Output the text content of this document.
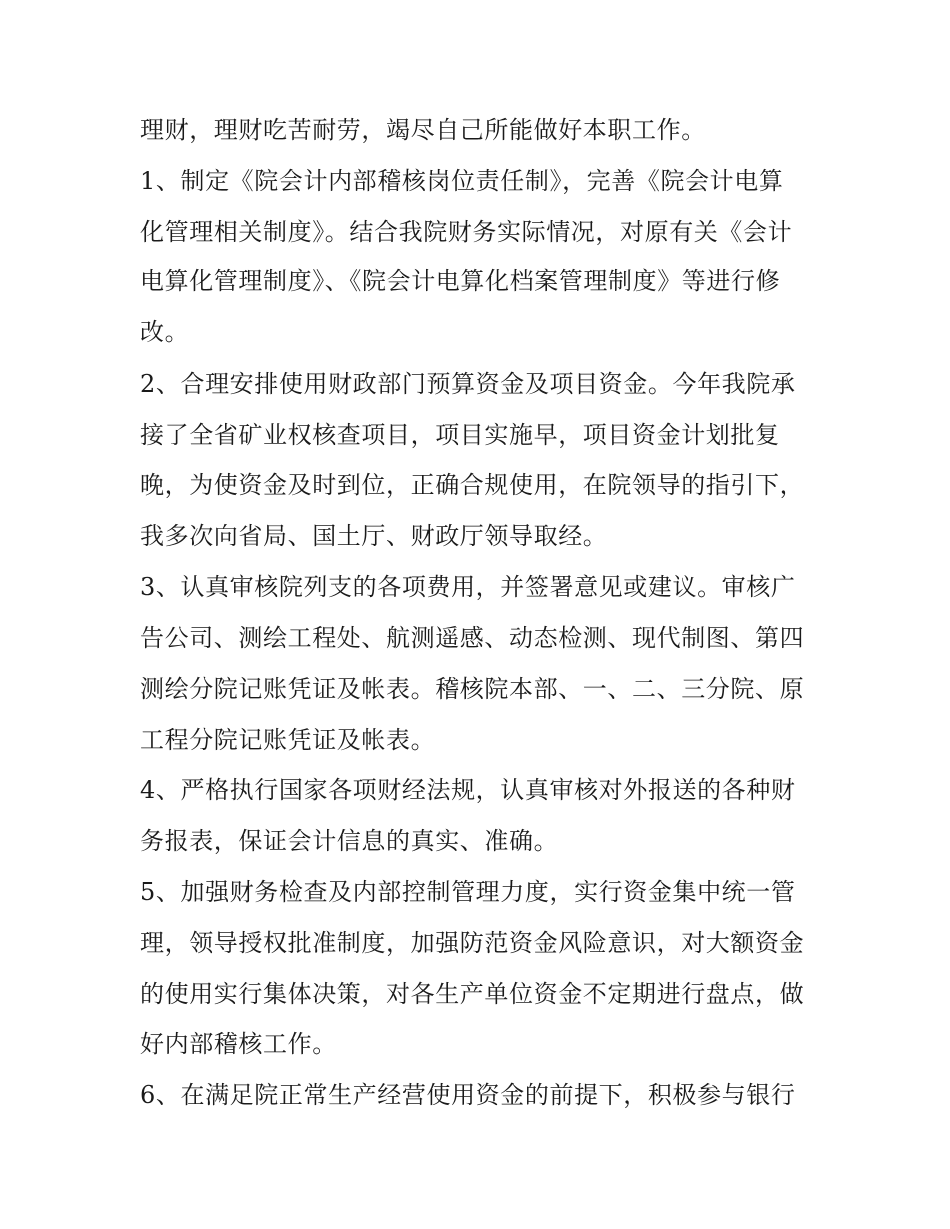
理财，理财吃苦耐劳，竭尽自己所能做好本职工作。

1、制定《院会计内部稽核岗位责任制》，完善《院会计电算

化管理相关制度》。结合我院财务实际情况，对原有关《会计

电算化管理制度》、《院会计电算化档案管理制度》等进行修

改。

2、合理安排使用财政部门预算资金及项目资金。今年我院承

接了全省矿业权核查项目，项目实施早，项目资金计划批复

晚，为使资金及时到位，正确合规使用，在院领导的指引下，

我多次向省局、国土厅、财政厅领导取经。

3、认真审核院列支的各项费用，并签署意见或建议。审核广

告公司、测绘工程处、航测遥感、动态检测、现代制图、第四

测绘分院记账凭证及帐表。稽核院本部、一、二、三分院、原

工程分院记账凭证及帐表。

4、严格执行国家各项财经法规，认真审核对外报送的各种财

务报表，保证会计信息的真实、准确。

5、加强财务检查及内部控制管理力度，实行资金集中统一管

理，领导授权批准制度，加强防范资金风险意识，对大额资金

的使用实行集体决策，对各生产单位资金不定期进行盘点，做

好内部稽核工作。

6、在满足院正常生产经营使用资金的前提下，积极参与银行
